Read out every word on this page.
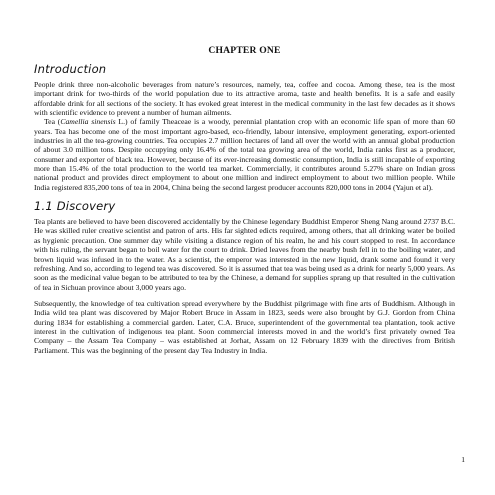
CHAPTER ONE
Introduction

People drink three non-alcoholic beverages from nature’s resources, namely, tea, coffee and cocoa. Among these, tea is the most important drink for two-thirds of the world population due to its attractive aroma, taste and health benefits. It is a safe and easily affordable drink for all sections of the society. It has evoked great interest in the medical community in the last few decades as it shows with scientific evidence to prevent a number of human ailments.

Tea (Camellia sinensis L.) of family Theaceae is a woody, perennial plantation crop with an economic life span of more than 60 years. Tea has become one of the most important agro-based, eco-friendly, labour intensive, employment generating, export-oriented industries in all the tea-growing countries. Tea occupies 2.7 million hectares of land all over the world with an annual global production of about 3.0 million tons. Despite occupying only 16.4% of the total tea growing area of the world, India ranks first as a producer, consumer and exporter of black tea. However, because of its ever-increasing domestic consumption, India is still incapable of exporting more than 15.4% of the total production to the world tea market. Commercially, it contributes around 5.27% share on Indian gross national product and provides direct employment to about one million and indirect employment to about two million people. While India registered 835,200 tons of tea in 2004, China being the second largest producer accounts 820,000 tons in 2004 (Yajun et al).

1.1 Discovery

Tea plants are believed to have been discovered accidentally by the Chinese legendary Buddhist Emperor Sheng Nang around 2737 B.C. He was skilled ruler creative scientist and patron of arts. His far sighted edicts required, among others, that all drinking water be boiled as hygienic precaution. One summer day while visiting a distance region of his realm, he and his court stopped to rest. In accordance with his ruling, the servant began to boil water for the court to drink. Dried leaves from the nearby bush fell in to the boiling water, and brown liquid was infused in to the water. As a scientist, the emperor was interested in the new liquid, drank some and found it very refreshing. And so, according to legend tea was discovered. So it is assumed that tea was being used as a drink for nearly 5,000 years. As soon as the medicinal value began to be attributed to tea by the Chinese, a demand for supplies sprang up that resulted in the cultivation of tea in Sichuan province about 3,000 years ago.

Subsequently, the knowledge of tea cultivation spread everywhere by the Buddhist pilgrimage with fine arts of Buddhism. Although in India wild tea plant was discovered by Major Robert Bruce in Assam in 1823, seeds were also brought by G.J. Gordon from China during 1834 for establishing a commercial garden. Later, C.A. Bruce, superintendent of the governmental tea plantation, took active interest in the cultivation of indigenous tea plant. Soon commercial interests moved in and the world’s first privately owned Tea Company – the Assam Tea Company – was established at Jorhat, Assam on 12 February 1839 with the directives from British Parliament. This was the beginning of the present day Tea Industry in India.

1
